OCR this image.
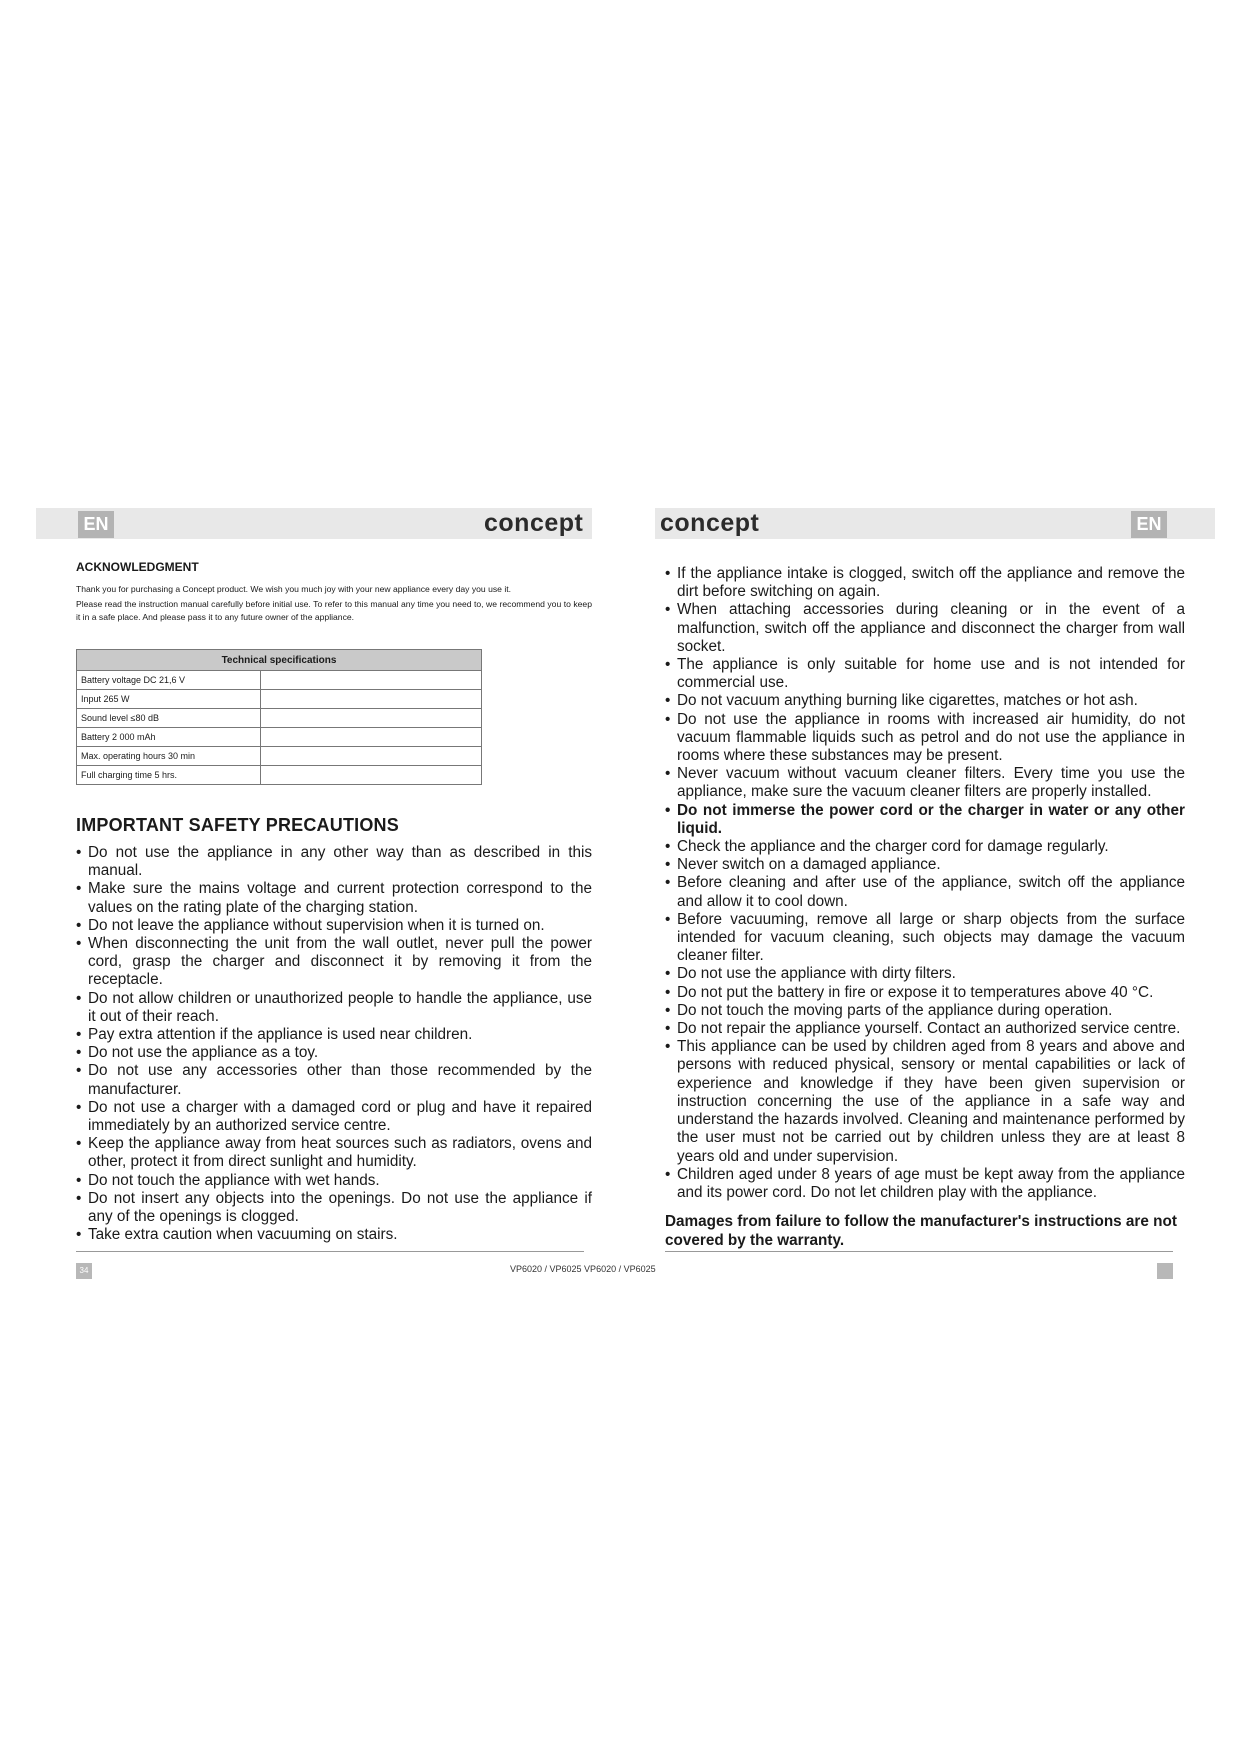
EN	concept	concept	EN
ACKNOWLEDGMENT

Thank you for purchasing a Concept product. We wish you much joy with your new appliance every day you use it.

Please read the instruction manual carefully before initial use. To refer to this manual any time you need to, we recommend you to keep it in a safe place. And please pass it to any future owner of the appliance.

Technical specifications	
Battery voltage DC 21,6 V	
Input 265 W	
Sound level ≤80 dB	
Battery 2 000 mAh	
Max. operating hours 30 min	
Full charging time 5 hrs.	
IMPORTANT SAFETY PRECAUTIONS
• Do not use the appliance in any other way than as described in this manual.
• Make sure the mains voltage and current protection correspond to the values on the rating plate of the charging station.
• Do not leave the appliance without supervision when it is turned on.
• When disconnecting the unit from the wall outlet, never pull the power cord, grasp the charger and disconnect it by removing it from the receptacle.
• Do not allow children or unauthorized people to handle the appliance, use it out of their reach.
• Pay extra attention if the appliance is used near children.
• Do not use the appliance as a toy.
• Do not use any accessories other than those recommended by the manufacturer.
• Do not use a charger with a damaged cord or plug and have it repaired immediately by an authorized service centre.
• Keep the appliance away from heat sources such as radiators, ovens and other, protect it from direct sunlight and humidity.
• Do not touch the appliance with wet hands.
• Do not insert any objects into the openings. Do not use the appliance if any of the openings is clogged.
• Take extra caution when vacuuming on stairs.
• If the appliance intake is clogged, switch off the appliance and remove the dirt before switching on again.
• When attaching accessories during cleaning or in the event of a malfunction, switch off the appliance and disconnect the charger from wall socket.
• The appliance is only suitable for home use and is not intended for commercial use.
• Do not vacuum anything burning like cigarettes, matches or hot ash.
• Do not use the appliance in rooms with increased air humidity, do not vacuum flammable liquids such as petrol and do not use the appliance in rooms where these substances may be present.
• Never vacuum without vacuum cleaner filters. Every time you use the appliance, make sure the vacuum cleaner filters are properly installed.
• Do not immerse the power cord or the charger in water or any other liquid.
• Check the appliance and the charger cord for damage regularly.
• Never switch on a damaged appliance.
• Before cleaning and after use of the appliance, switch off the appliance and allow it to cool down.
• Before vacuuming, remove all large or sharp objects from the surface intended for vacuum cleaning, such objects may damage the vacuum cleaner filter.
• Do not use the appliance with dirty filters.
• Do not put the battery in fire or expose it to temperatures above 40 °C.
• Do not touch the moving parts of the appliance during operation.
• Do not repair the appliance yourself. Contact an authorized service centre.
• This appliance can be used by children aged from 8 years and above and persons with reduced physical, sensory or mental capabilities or lack of experience and knowledge if they have been given supervision or instruction concerning the use of the appliance in a safe way and understand the hazards involved. Cleaning and maintenance performed by the user must not be carried out by children unless they are at least 8 years old and under supervision.
• Children aged under 8 years of age must be kept away from the appliance and its power cord. Do not let children play with the appliance.
Damages from failure to follow the manufacturer's instructions are not covered by the warranty.
34	VP6020 / VP6025 VP6020 / VP6025
